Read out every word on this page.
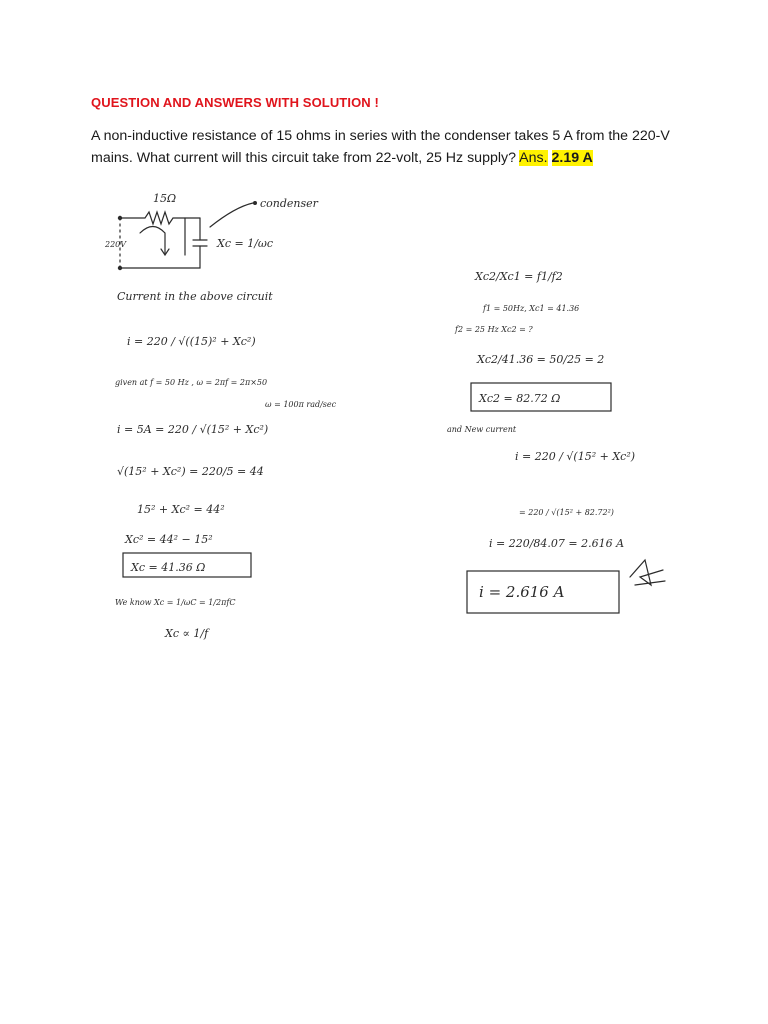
QUESTION AND ANSWERS WITH SOLUTION !
A non-inductive resistance of 15 ohms in series with the condenser takes 5 A from the 220-V mains. What current will this circuit take from 22-volt, 25 Hz supply? Ans. 2.19 A
15Ω	condenser
220V	Xc = 1/ωc
Current in the above circuit
i = 220 / √((15)² + Xc²)
given at f = 50 Hz , ω = 2πf = 2π×50
ω = 100π rad/sec
i = 5A = 220 / √(15² + Xc²)
√(15² + Xc²) = 220/5 = 44
15² + Xc² = 44²
Xc² = 44² − 15²
Xc = 41.36 Ω
We know Xc = 1/ωC = 1/2πfC
Xc ∝ 1/f
Xc2/Xc1 = f1/f2
f1 = 50Hz, Xc1 = 41.36
f2 = 25 Hz Xc2 = ?
Xc2/41.36 = 50/25 = 2
Xc2 = 82.72 Ω
and New current
i = 220 / √(15² + Xc²)
= 220 / √(15² + 82.72²)
i = 220/84.07 = 2.616 A
i = 2.616 A
